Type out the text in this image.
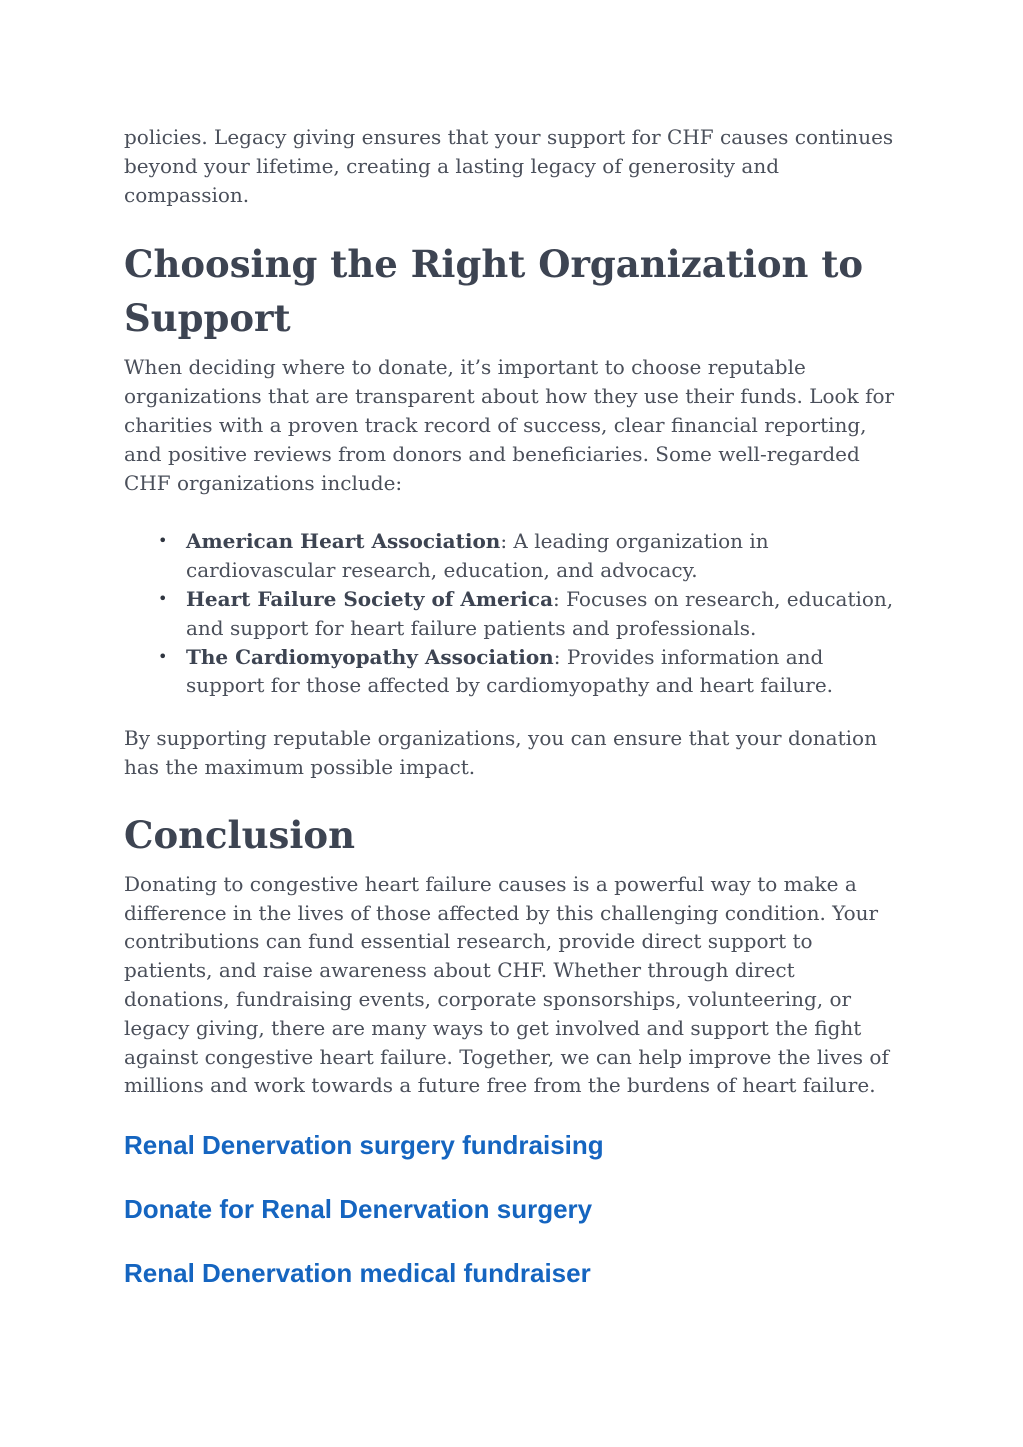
policies. Legacy giving ensures that your support for CHF causes continues beyond your lifetime, creating a lasting legacy of generosity and compassion.

Choosing the Right Organization to Support

When deciding where to donate, it’s important to choose reputable organizations that are transparent about how they use their funds. Look for charities with a proven track record of success, clear financial reporting, and positive reviews from donors and beneficiaries. Some well-regarded CHF organizations include:

• American Heart Association: A leading organization in cardiovascular research, education, and advocacy.
• Heart Failure Society of America: Focuses on research, education, and support for heart failure patients and professionals.
• The Cardiomyopathy Association: Provides information and support for those affected by cardiomyopathy and heart failure.

By supporting reputable organizations, you can ensure that your donation has the maximum possible impact.

Conclusion

Donating to congestive heart failure causes is a powerful way to make a difference in the lives of those affected by this challenging condition. Your contributions can fund essential research, provide direct support to patients, and raise awareness about CHF. Whether through direct donations, fundraising events, corporate sponsorships, volunteering, or legacy giving, there are many ways to get involved and support the fight against congestive heart failure. Together, we can help improve the lives of millions and work towards a future free from the burdens of heart failure.

Renal Denervation surgery fundraising
Donate for Renal Denervation surgery
Renal Denervation medical fundraiser
